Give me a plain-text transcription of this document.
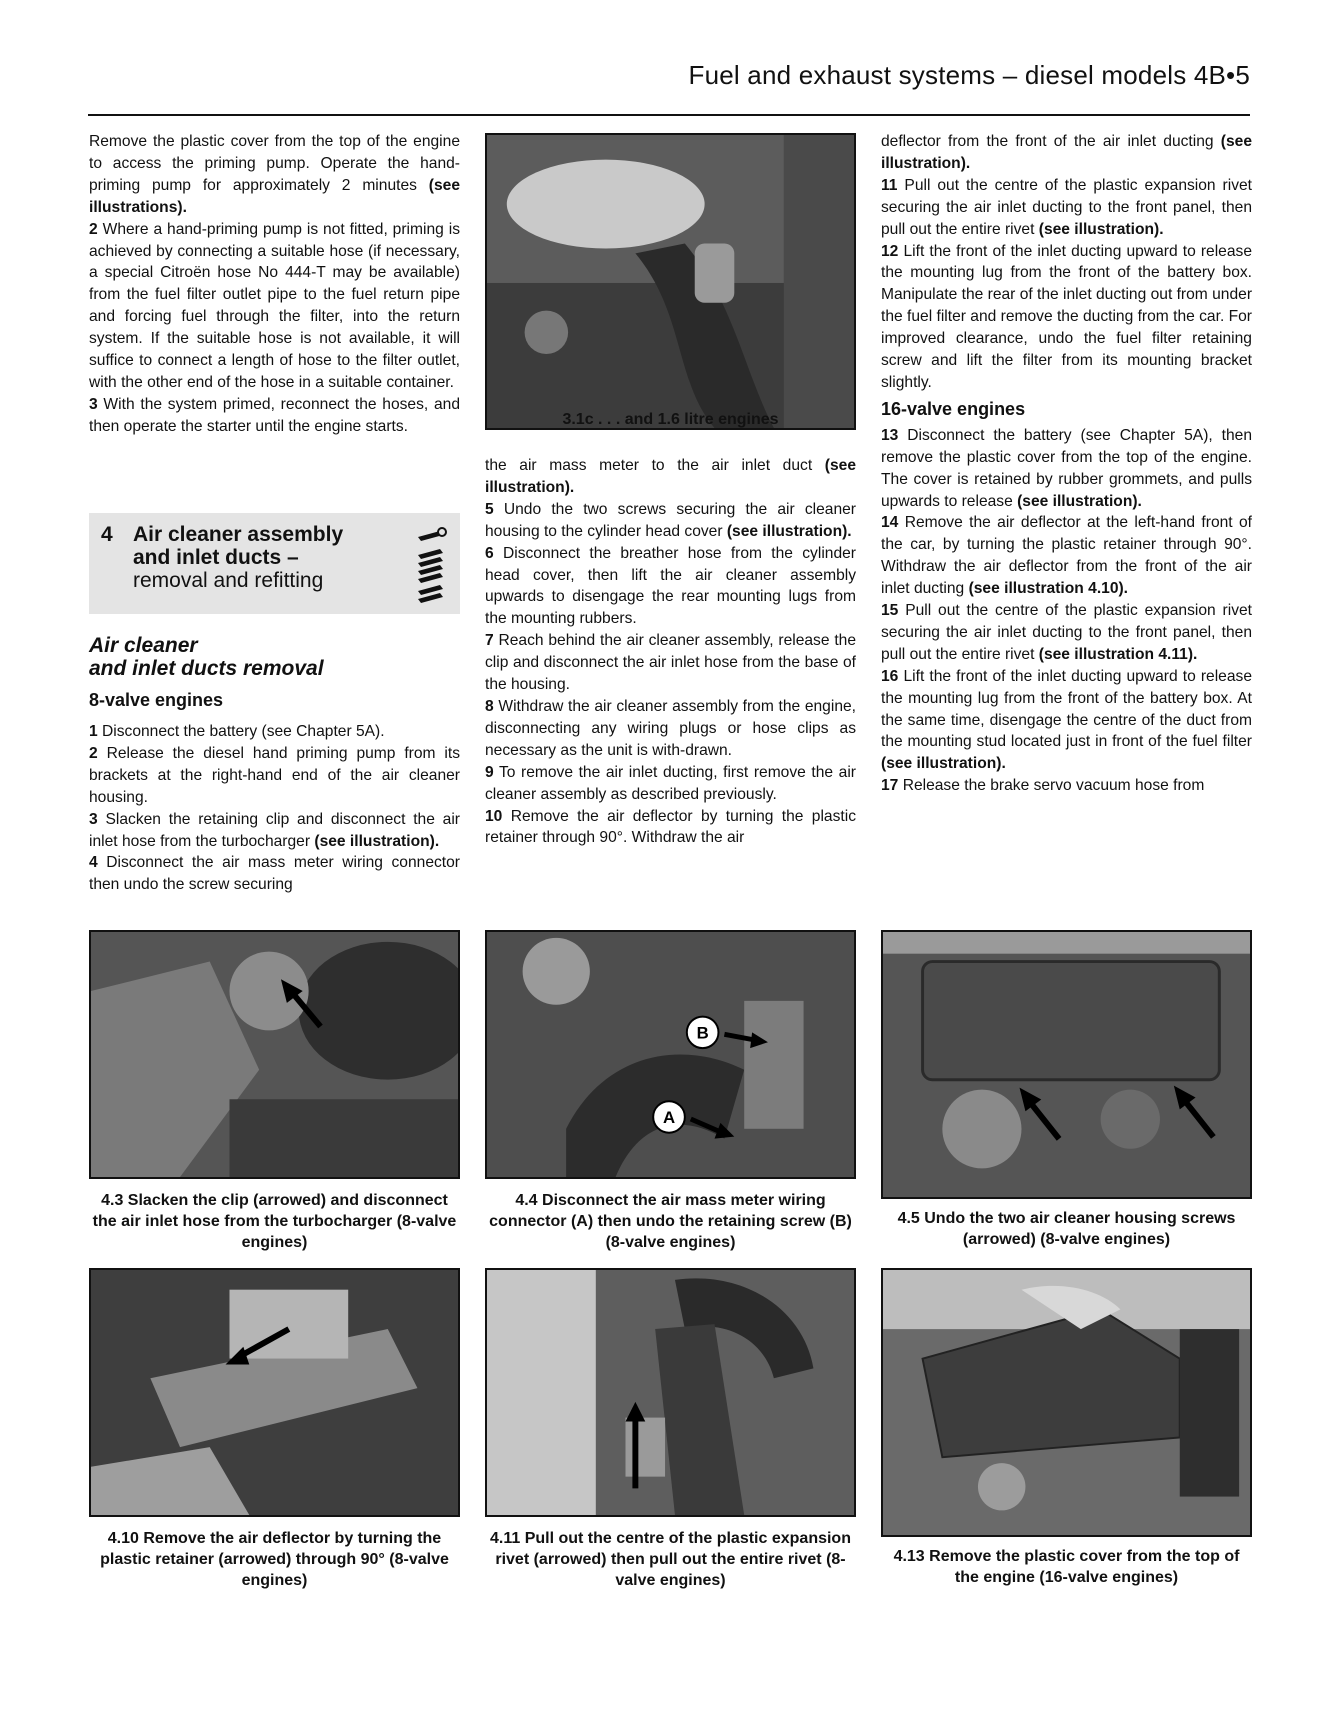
Fuel and exhaust systems – diesel models 4B•5

Remove the plastic cover from the top of the engine to access the priming pump. Operate the hand-priming pump for approximately 2 minutes (see illustrations).

2 Where a hand-priming pump is not fitted, priming is achieved by connecting a suitable hose (if necessary, a special Citroën hose No 444-T may be available) from the fuel filter outlet pipe to the fuel return pipe and forcing fuel through the filter, into the return system. If the suitable hose is not available, it will suffice to connect a length of hose to the filter outlet, with the other end of the hose in a suitable container.

3 With the system primed, reconnect the hoses, and then operate the starter until the engine starts.

4 Air cleaner assembly
and inlet ducts –
removal and refitting
Air cleaner
and inlet ducts removal
8-valve engines

1 Disconnect the battery (see Chapter 5A).

2 Release the diesel hand priming pump from its brackets at the right-hand end of the air cleaner housing.

3 Slacken the retaining clip and disconnect the air inlet hose from the turbocharger (see illustration).

4 Disconnect the air mass meter wiring connector then undo the screw securing

3.1c . . . and 1.6 litre engines

the air mass meter to the air inlet duct (see illustration).

5 Undo the two screws securing the air cleaner housing to the cylinder head cover (see illustration).

6 Disconnect the breather hose from the cylinder head cover, then lift the air cleaner assembly upwards to disengage the rear mounting lugs from the mounting rubbers.

7 Reach behind the air cleaner assembly, release the clip and disconnect the air inlet hose from the base of the housing.

8 Withdraw the air cleaner assembly from the engine, disconnecting any wiring plugs or hose clips as necessary as the unit is with-drawn.

9 To remove the air inlet ducting, first remove the air cleaner assembly as described previously.

10 Remove the air deflector by turning the plastic retainer through 90°. Withdraw the air

deflector from the front of the air inlet ducting (see illustration).

11 Pull out the centre of the plastic expansion rivet securing the air inlet ducting to the front panel, then pull out the entire rivet (see illustration).

12 Lift the front of the inlet ducting upward to release the mounting lug from the front of the battery box. Manipulate the rear of the inlet ducting out from under the fuel filter and remove the ducting from the car. For improved clearance, undo the fuel filter retaining screw and lift the filter from its mounting bracket slightly.

16-valve engines

13 Disconnect the battery (see Chapter 5A), then remove the plastic cover from the top of the engine. The cover is retained by rubber grommets, and pulls upwards to release (see illustration).

14 Remove the air deflector at the left-hand front of the car, by turning the plastic retainer through 90°. Withdraw the air deflector from the front of the air inlet ducting (see illustration 4.10).

15 Pull out the centre of the plastic expansion rivet securing the air inlet ducting to the front panel, then pull out the entire rivet (see illustration 4.11).

16 Lift the front of the inlet ducting upward to release the mounting lug from the front of the battery box. At the same time, disengage the centre of the duct from the mounting stud located just in front of the fuel filter (see illustration).

17 Release the brake servo vacuum hose from

4.3 Slacken the clip (arrowed) and disconnect the air inlet hose from the turbocharger (8-valve engines)
B
A
4.4 Disconnect the air mass meter wiring connector (A) then undo the retaining screw (B) (8-valve engines)
4.5 Undo the two air cleaner housing screws (arrowed) (8-valve engines)
4.10 Remove the air deflector by turning the plastic retainer (arrowed) through 90° (8-valve engines)
4.11 Pull out the centre of the plastic expansion rivet (arrowed) then pull out the entire rivet (8-valve engines)
4.13 Remove the plastic cover from the top of the engine (16-valve engines)
